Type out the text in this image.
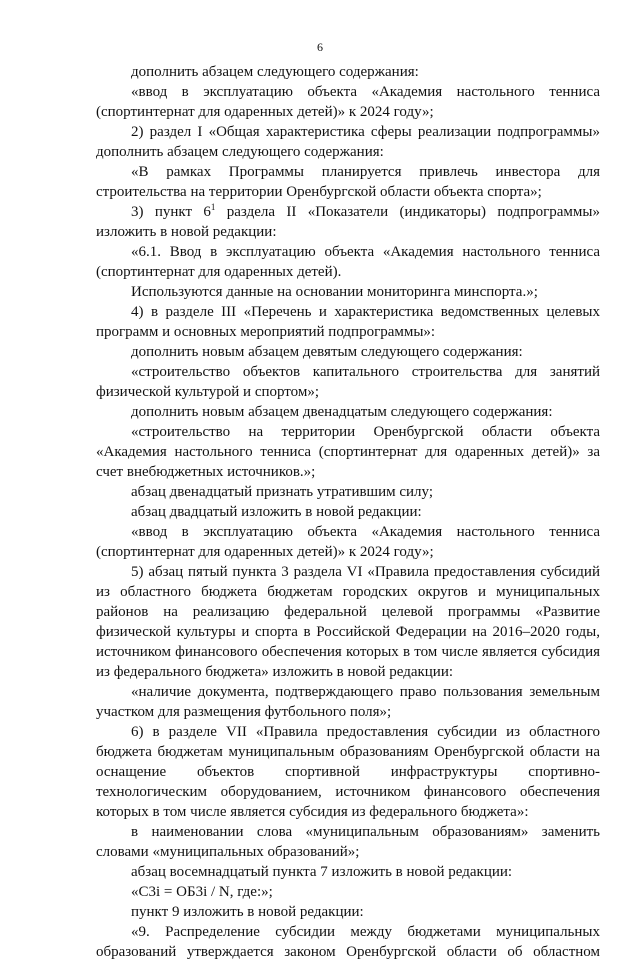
6

дополнить абзацем следующего содержания:

«ввод в эксплуатацию объекта «Академия настольного тенниса (спортинтернат для одаренных детей)» к 2024 году»;

2) раздел I «Общая характеристика сферы реализации подпрограммы» дополнить абзацем следующего содержания:

«В рамках Программы планируется привлечь инвестора для строительства на территории Оренбургской области объекта спорта»;

3) пункт $6^1$ раздела II «Показатели (индикаторы) подпрограммы» изложить в новой редакции:

«6.1. Ввод в эксплуатацию объекта «Академия настольного тенниса (спортинтернат для одаренных детей).

Используются данные на основании мониторинга минспорта.»;

4) в разделе III «Перечень и характеристика ведомственных целевых программ и основных мероприятий подпрограммы»:

дополнить новым абзацем девятым следующего содержания:

«строительство объектов капитального строительства для занятий физической культурой и спортом»;

дополнить новым абзацем двенадцатым следующего содержания:

«строительство на территории Оренбургской области объекта «Академия настольного тенниса (спортинтернат для одаренных детей)» за счет внебюджетных источников.»;

абзац двенадцатый признать утратившим силу;

абзац двадцатый изложить в новой редакции:

«ввод в эксплуатацию объекта «Академия настольного тенниса (спортинтернат для одаренных детей)» к 2024 году»;

5) абзац пятый пункта 3 раздела VI «Правила предоставления субсидий из областного бюджета бюджетам городских округов и муниципальных районов на реализацию федеральной целевой программы «Развитие физической культуры и спорта в Российской Федерации на 2016–2020 годы, источником финансового обеспечения которых в том числе является субсидия из федерального бюджета» изложить в новой редакции:

«наличие документа, подтверждающего право пользования земельным участком для размещения футбольного поля»;

6) в разделе VII «Правила предоставления субсидии из областного бюджета бюджетам муниципальным образованиям Оренбургской области на оснащение объектов спортивной инфраструктуры спортивно-технологическим оборудованием, источником финансового обеспечения которых в том числе является субсидия из федерального бюджета»:

в наименовании слова «муниципальным образованиям» заменить словами «муниципальных образований»;

абзац восемнадцатый пункта 7 изложить в новой редакции:

«С3i = ОБ3i / N, где:»;

пункт 9 изложить в новой редакции:

«9. Распределение субсидии между бюджетами муниципальных образований утверждается законом Оренбургской области об областном
